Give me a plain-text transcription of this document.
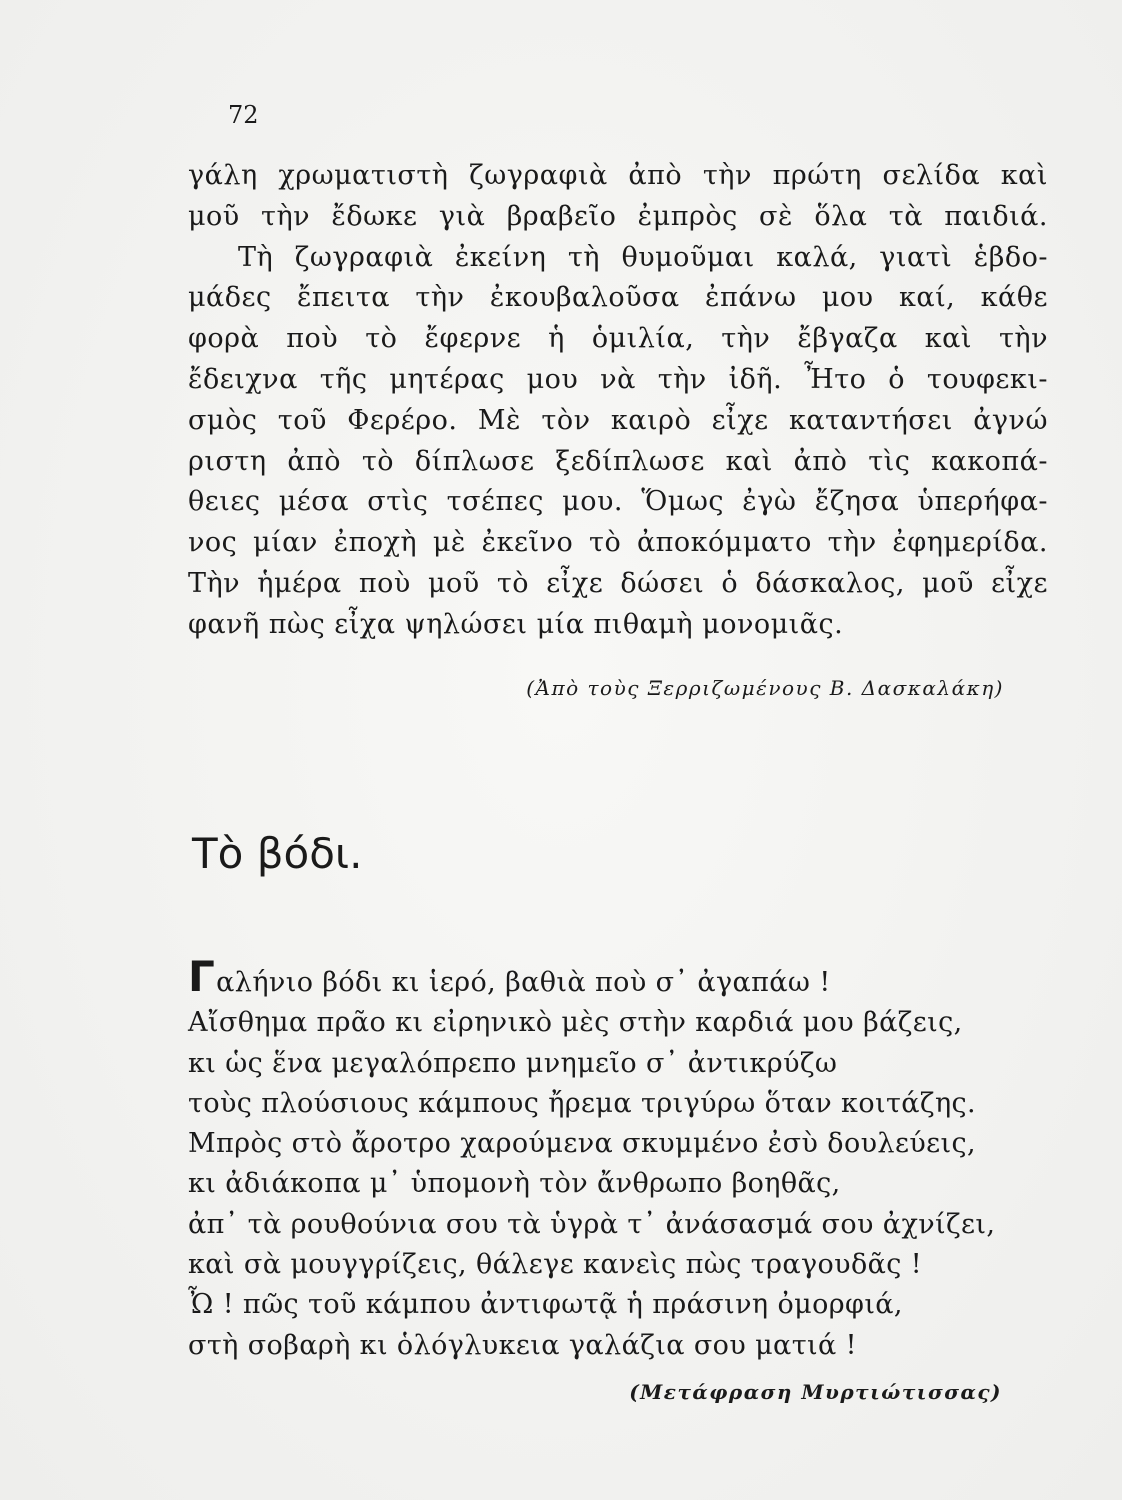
72
γάλη χρωματιστὴ ζωγραφιὰ ἀπὸ τὴν πρώτη σελίδα καὶ
μοῦ τὴν ἔδωκε γιὰ βραβεῖο ἐμπρὸς σὲ ὅλα τὰ παιδιά.
Τὴ ζωγραφιὰ ἐκείνη τὴ θυμοῦμαι καλά, γιατὶ ἑβδο-
μάδες ἔπειτα τὴν ἐκουβαλοῦσα ἐπάνω μου καί, κάθε
φορὰ ποὺ τὸ ἔφερνε ἡ ὁμιλία, τὴν ἔβγαζα καὶ τὴν
ἔδειχνα τῆς μητέρας μου νὰ τὴν ἰδῆ. Ἦτο ὁ τουφεκι-
σμὸς τοῦ Φερέρο. Μὲ τὸν καιρὸ εἶχε καταντήσει ἀγνώ
ριστη ἀπὸ τὸ δίπλωσε ξεδίπλωσε καὶ ἀπὸ τὶς κακοπά-
θειες μέσα στὶς τσέπες μου. Ὅμως ἐγὼ ἔζησα ὑπερήφα-
νος μίαν ἐποχὴ μὲ ἐκεῖνο τὸ ἀποκόμματο τὴν ἐφημερίδα.
Τὴν ἡμέρα ποὺ μοῦ τὸ εἶχε δώσει ὁ δάσκαλος, μοῦ εἶχε
φανῆ πὼς εἶχα ψηλώσει μία πιθαμὴ μονομιᾶς.
(Ἀπὸ τοὺς Ξερριζωμένους Β. Δασκαλάκη)
Τὸ βόδι.
Γαλήνιο βόδι κι ἱερό, βαθιὰ ποὺ σ᾽ ἀγαπάω !
Αἴσθημα πρᾶο κι εἰρηνικὸ μὲς στὴν καρδιά μου βάζεις,
κι ὡς ἕνα μεγαλόπρεπο μνημεῖο σ᾽ ἀντικρύζω
τοὺς πλούσιους κάμπους ἤρεμα τριγύρω ὅταν κοιτάζης.
Μπρὸς στὸ ἄροτρο χαρούμενα σκυμμένο ἐσὺ δουλεύεις,
κι ἀδιάκοπα μ᾽ ὑπομονὴ τὸν ἄνθρωπο βοηθᾶς,
ἀπ᾽ τὰ ρουθούνια σου τὰ ὑγρὰ τ᾽ ἀνάσασμά σου ἀχνίζει,
καὶ σὰ μουγγρίζεις, θάλεγε κανεὶς πὼς τραγουδᾶς !
Ὦ ! πῶς τοῦ κάμπου ἀντιφωτᾷ ἡ πράσινη ὀμορφιά,
στὴ σοβαρὴ κι ὁλόγλυκεια γαλάζια σου ματιά !
(Μετάφραση Μυρτιώτισσας)
